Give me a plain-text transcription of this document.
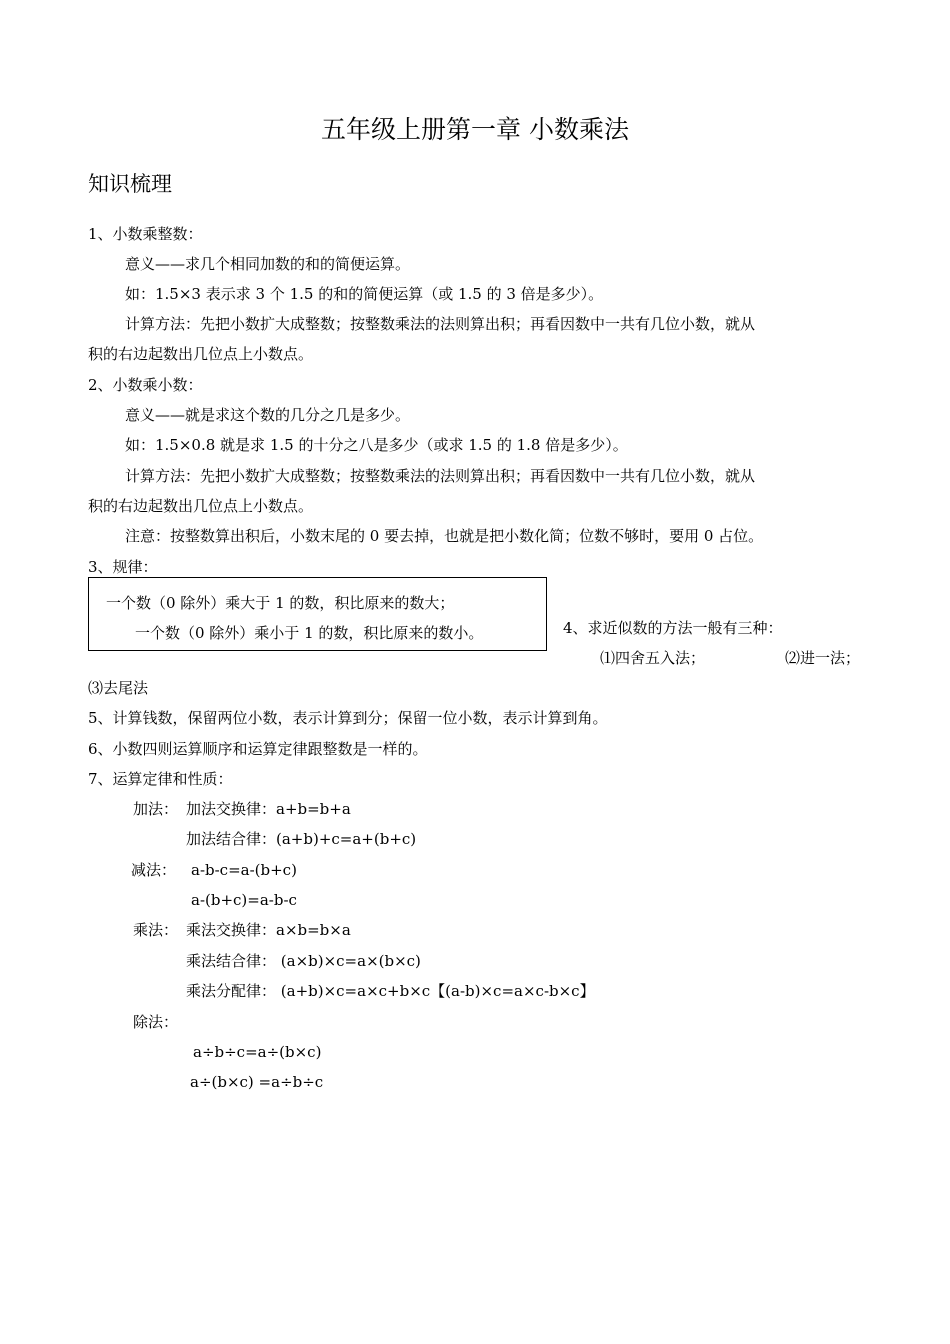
五年级上册第一章 小数乘法
知识梳理
1、小数乘整数：
意义——求几个相同加数的和的简便运算。
如：1.5×3 表示求 3 个 1.5 的和的简便运算（或 1.5 的 3 倍是多少）。
计算方法：先把小数扩大成整数；按整数乘法的法则算出积；再看因数中一共有几位小数，就从
积的右边起数出几位点上小数点。
2、小数乘小数：
意义——就是求这个数的几分之几是多少。
如：1.5×0.8 就是求 1.5 的十分之八是多少（或求 1.5 的 1.8 倍是多少）。
计算方法：先把小数扩大成整数；按整数乘法的法则算出积；再看因数中一共有几位小数，就从
积的右边起数出几位点上小数点。
注意：按整数算出积后，小数末尾的 0 要去掉，也就是把小数化简；位数不够时，要用 0 占位。
3、规律：
一个数（0 除外）乘大于 1 的数，积比原来的数大；
一个数（0 除外）乘小于 1 的数，积比原来的数小。	4、求近似数的方法一般有三种：
⑴四舍五入法；	⑵进一法；
⑶去尾法
5、计算钱数，保留两位小数，表示计算到分；保留一位小数，表示计算到角。
6、小数四则运算顺序和运算定律跟整数是一样的。
7、运算定律和性质：
加法： 加法交换律：a+b=b+a
加法结合律：(a+b)+c=a+(b+c)
减法： a-b-c=a-(b+c)
a-(b+c)=a-b-c
乘法： 乘法交换律：a×b=b×a
乘法结合律： (a×b)×c=a×(b×c)
乘法分配律： (a+b)×c=a×c+b×c【(a-b)×c=a×c-b×c】
除法：
a÷b÷c=a÷(b×c)
a÷(b×c) =a÷b÷c
